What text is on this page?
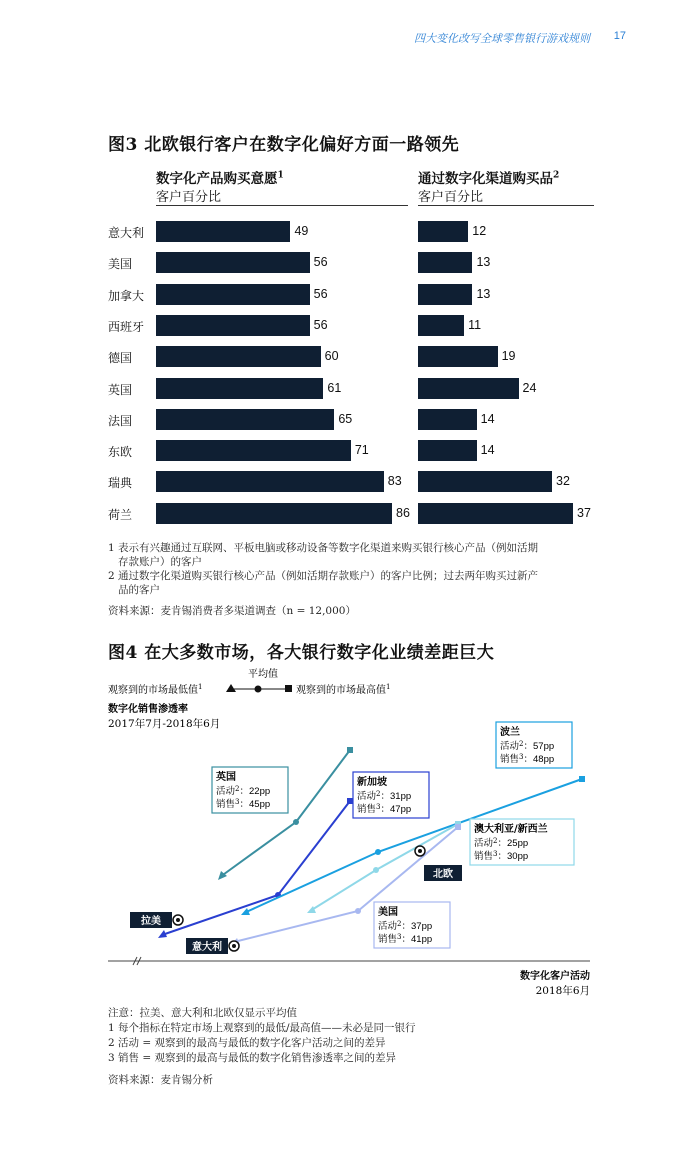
四大变化改写全球零售银行游戏规则 17
图3 北欧银行客户在数字化偏好方面一路领先
数字化产品购买意愿$^1$
客户百分比
通过数字化渠道购买品$^2$
客户百分比
意大利	49	12
美国	56	13
加拿大	56	13
西班牙	56	11
德国	60	19
英国	61	24
法国	65	14
东欧	71	14
瑞典	83	32
荷兰	86	37
1 表示有兴趣通过互联网、平板电脑或移动设备等数字化渠道来购买银行核心产品（例如活期
存款账户）的客户
2 通过数字化渠道购买银行核心产品（例如活期存款账户）的客户比例；过去两年购买过新产
品的客户
资料来源：麦肯锡消费者多渠道调查（n = 12,000）
图4 在大多数市场，各大银行数字化业绩差距巨大
平均值
观察到的市场最低值$^1$	观察到的市场最高值$^1$
数字化销售渗透率
2017年7月-2018年6月
数字化客户活动
2018年6月
拉美
意大利
北欧
英国
活动$^2$：22pp
销售$^3$：45pp
新加坡
活动$^2$：31pp
销售$^3$：47pp
波兰
活动$^2$：57pp
销售$^3$：48pp
澳大利亚/新西兰
活动$^2$：25pp
销售$^3$：30pp
美国
活动$^2$：37pp
销售$^3$：41pp
注意：拉美、意大利和北欧仅显示平均值
1 每个指标在特定市场上观察到的最低/最高值——未必是同一银行
2 活动 = 观察到的最高与最低的数字化客户活动之间的差异
3 销售 = 观察到的最高与最低的数字化销售渗透率之间的差异
资料来源：麦肯锡分析
